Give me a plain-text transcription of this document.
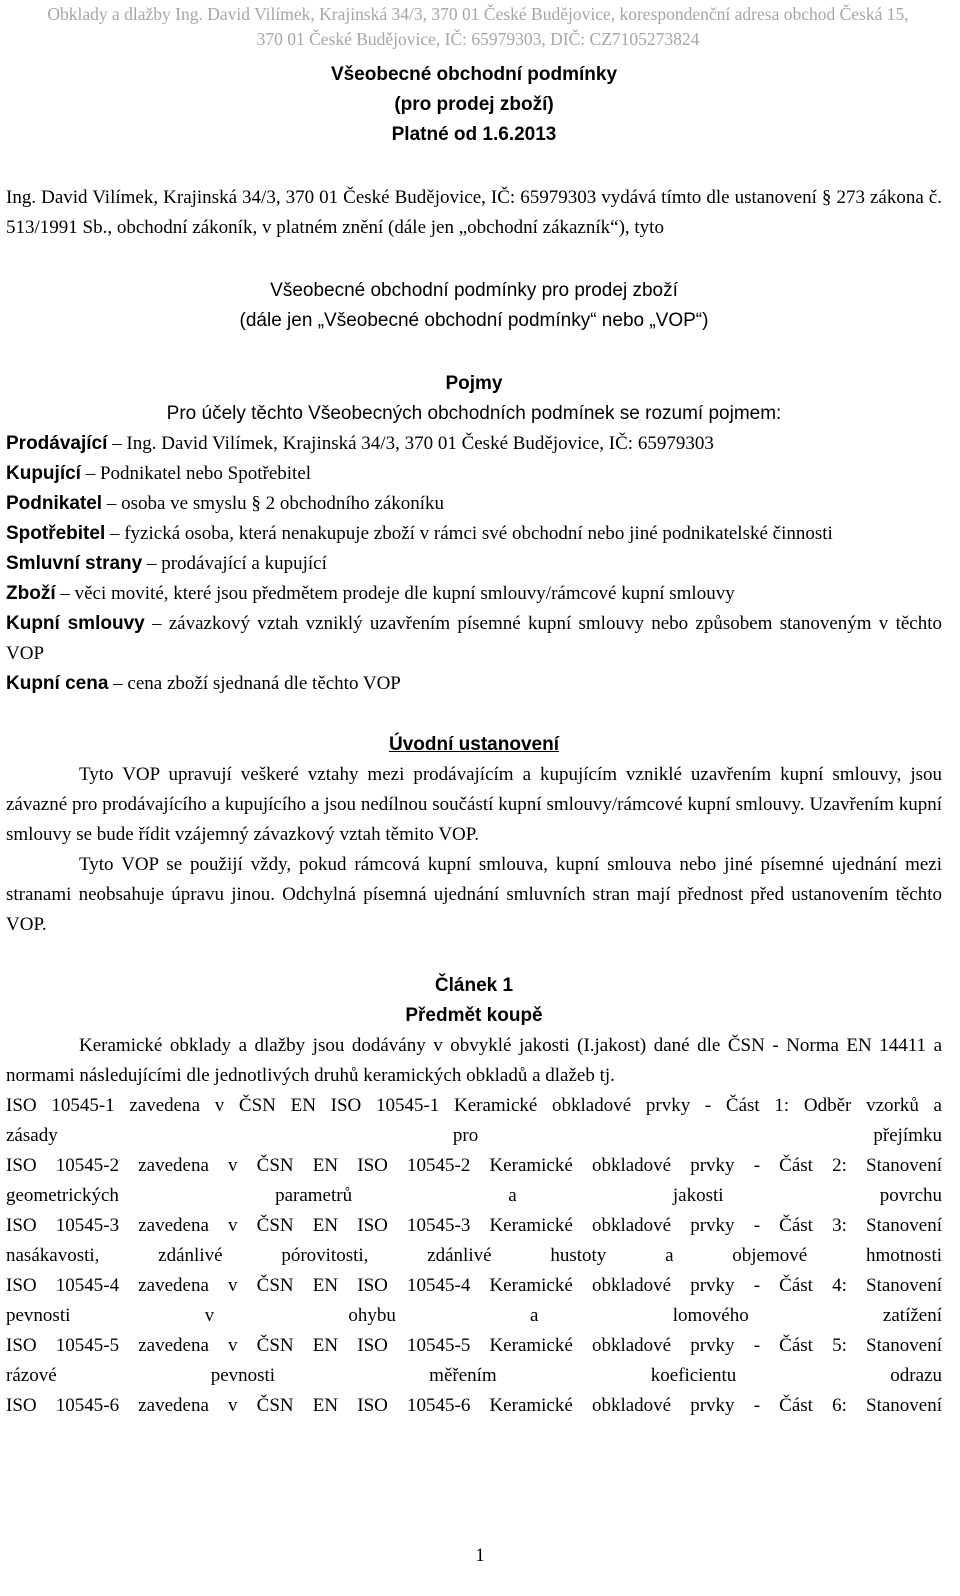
Obklady a dlažby Ing. David Vilímek, Krajinská 34/3, 370 01 České Budějovice, korespondenční adresa obchod Česká 15,
370 01 České Budějovice, IČ: 65979303, DIČ: CZ7105273824
Všeobecné obchodní podmínky
(pro prodej zboží)
Platné od 1.6.2013

Ing. David Vilímek, Krajinská 34/3, 370 01 České Budějovice, IČ: 65979303 vydává tímto dle ustanovení § 273 zákona č. 513/1991 Sb., obchodní zákoník, v platném znění (dále jen „obchodní zákazník“), tyto

Všeobecné obchodní podmínky pro prodej zboží
(dále jen „Všeobecné obchodní podmínky“ nebo „VOP“)
Pojmy
Pro účely těchto Všeobecných obchodních podmínek se rozumí pojmem:

Prodávající – Ing. David Vilímek, Krajinská 34/3, 370 01 České Budějovice, IČ: 65979303

Kupující – Podnikatel nebo Spotřebitel

Podnikatel – osoba ve smyslu § 2 obchodního zákoníku

Spotřebitel – fyzická osoba, která nenakupuje zboží v rámci své obchodní nebo jiné podnikatelské činnosti

Smluvní strany – prodávající a kupující

Zboží – věci movité, které jsou předmětem prodeje dle kupní smlouvy/rámcové kupní smlouvy

Kupní smlouvy – závazkový vztah vzniklý uzavřením písemné kupní smlouvy nebo způsobem stanoveným v těchto VOP

Kupní cena – cena zboží sjednaná dle těchto VOP

Úvodní ustanovení

Tyto VOP upravují veškeré vztahy mezi prodávajícím a kupujícím vzniklé uzavřením kupní smlouvy, jsou závazné pro prodávajícího a kupujícího a jsou nedílnou součástí kupní smlouvy/rámcové kupní smlouvy. Uzavřením kupní smlouvy se bude řídit vzájemný závazkový vztah těmito VOP.

Tyto VOP se použijí vždy, pokud rámcová kupní smlouva, kupní smlouva nebo jiné písemné ujednání mezi stranami neobsahuje úpravu jinou. Odchylná písemná ujednání smluvních stran mají přednost před ustanovením těchto VOP.

Článek 1
Předmět koupě

Keramické obklady a dlažby jsou dodávány v obvyklé jakosti (I.jakost) dané dle ČSN - Norma EN 14411 a normami následujícími dle jednotlivých druhů keramických obkladů a dlažeb tj.

ISO 10545-1 zavedena v ČSN EN ISO 10545-1 Keramické obkladové prvky - Část 1: Odběr vzorků a
zásady pro přejímku
ISO 10545-2 zavedena v ČSN EN ISO 10545-2 Keramické obkladové prvky - Část 2: Stanovení
geometrických parametrů a jakosti povrchu
ISO 10545-3 zavedena v ČSN EN ISO 10545-3 Keramické obkladové prvky - Část 3: Stanovení
nasákavosti, zdánlivé pórovitosti, zdánlivé hustoty a objemové hmotnosti
ISO 10545-4 zavedena v ČSN EN ISO 10545-4 Keramické obkladové prvky - Část 4: Stanovení
pevnosti v ohybu a lomového zatížení
ISO 10545-5 zavedena v ČSN EN ISO 10545-5 Keramické obkladové prvky - Část 5: Stanovení
rázové pevnosti měřením koeficientu odrazu
ISO 10545-6 zavedena v ČSN EN ISO 10545-6 Keramické obkladové prvky - Část 6: Stanovení
1
